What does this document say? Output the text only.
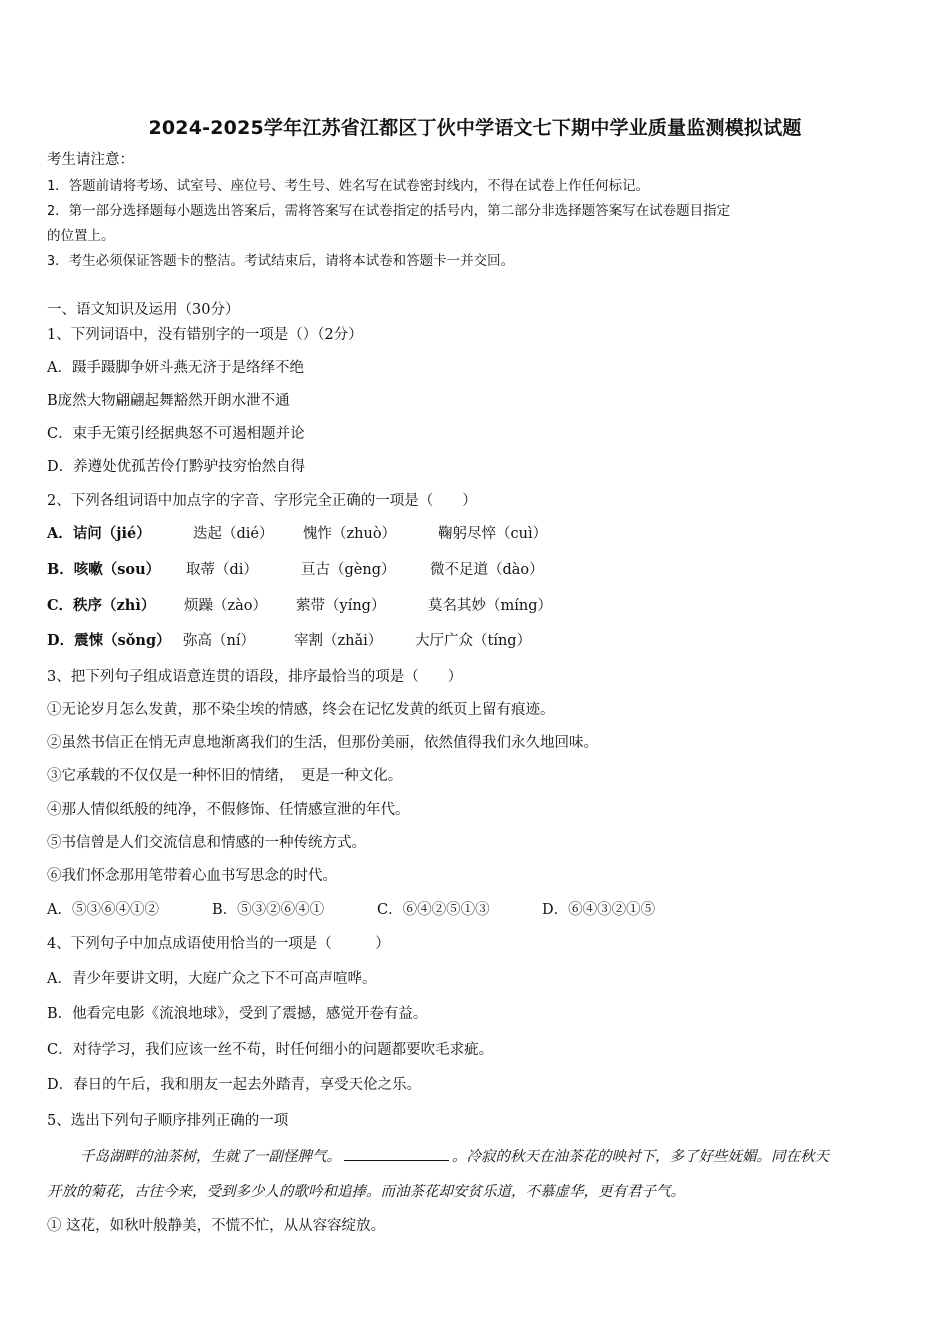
2024-2025学年江苏省江都区丁伙中学语文七下期中学业质量监测模拟试题
考生请注意：
1．答题前请将考场、试室号、座位号、考生号、姓名写在试卷密封线内，不得在试卷上作任何标记。
2．第一部分选择题每小题选出答案后，需将答案写在试卷指定的括号内，第二部分非选择题答案写在试卷题目指定
的位置上。
3．考生必须保证答题卡的整洁。考试结束后，请将本试卷和答题卡一并交回。
一、语文知识及运用（30分）
1、下列词语中，没有错别字的一项是（）（2分）
A．蹑手蹑脚争妍斗燕无济于是络绎不绝
B庞然大物翩翩起舞豁然开朗水泄不通
C．束手无策引经据典怒不可遏相题并论
D．养遵处优孤苦伶仃黔驴技穷怡然自得
2、下列各组词语中加点字的字音、字形完全正确的一项是（　　）
A．诘问（jié）	迭起（dié） 愧怍（zhuò）	鞠躬尽悴（cuì）
B．咳嗽（sou） 取蒂（di）	亘古（gèng） 微不足道（dào）
C．秩序（zhì） 烦躁（zào） 萦带（yíng）	莫名其妙（míng）
D．震悚（sǒng） 弥高（ní）	宰割（zhǎi） 大厅广众（tíng）
3、把下列句子组成语意连贯的语段，排序最恰当的项是（　　）
①无论岁月怎么发黄，那不染尘埃的情感，终会在记忆发黄的纸页上留有痕迹。
②虽然书信正在悄无声息地渐离我们的生活，但那份美丽，依然值得我们永久地回味。
③它承载的不仅仅是一种怀旧的情绪，　更是一种文化。
④那人情似纸般的纯净，不假修饰、任情感宣泄的年代。
⑤书信曾是人们交流信息和情感的一种传统方式。
⑥我们怀念那用笔带着心血书写思念的时代。
A．⑤③⑥④①②	B．⑤③②⑥④①	C．⑥④②⑤①③	D．⑥④③②①⑤
4、下列句子中加点成语使用恰当的一项是（　　　）
A．青少年要讲文明，大庭广众之下不可高声喧哗。
B．他看完电影《流浪地球》，受到了震撼，感觉开卷有益。
C．对待学习，我们应该一丝不苟，时任何细小的问题都要吹毛求疵。
D．春日的午后，我和朋友一起去外踏青，享受天伦之乐。
5、选出下列句子顺序排列正确的一项
千岛湖畔的油茶树，生就了一副怪脾气。	。冷寂的秋天在油茶花的映衬下，多了好些妩媚。同在秋天
开放的菊花，古往今来，受到多少人的歌吟和追捧。而油茶花却安贫乐道，不慕虚华，更有君子气。
① 这花，如秋叶般静美，不慌不忙，从从容容绽放。
